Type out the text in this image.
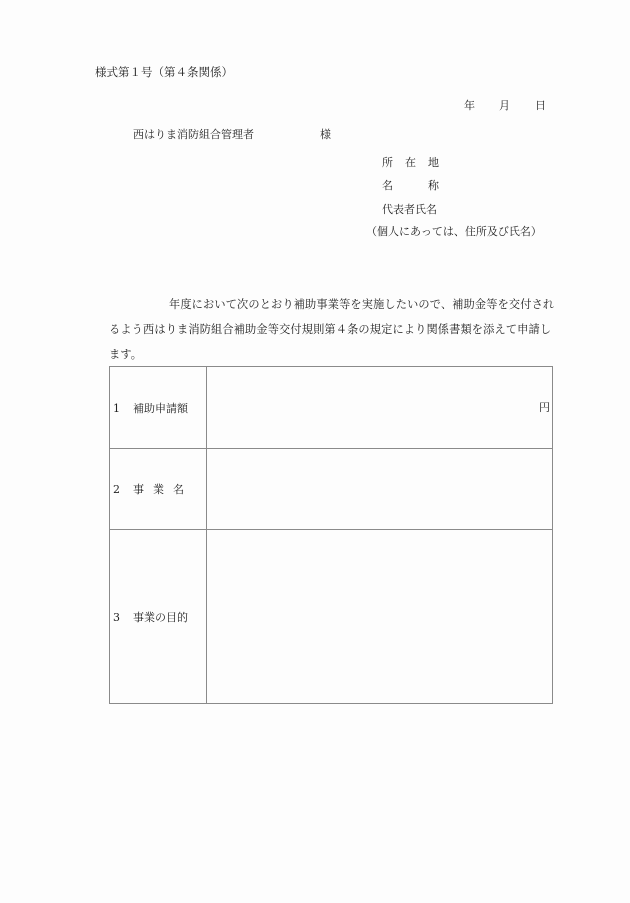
様式第１号（第４条関係）
年 月 日
西はりま消防組合管理者	様
所 在 地
名	称
代表者氏名
（個人にあっては、住所及び氏名）

年度において次のとおり補助事業等を実施したいので、補助金等を交付され

るよう西はりま消防組合補助金等交付規則第４条の規定により関係書類を添えて申請し

ます。

1 補助申請額	円

2 事 業 名	
3 事業の目的	
